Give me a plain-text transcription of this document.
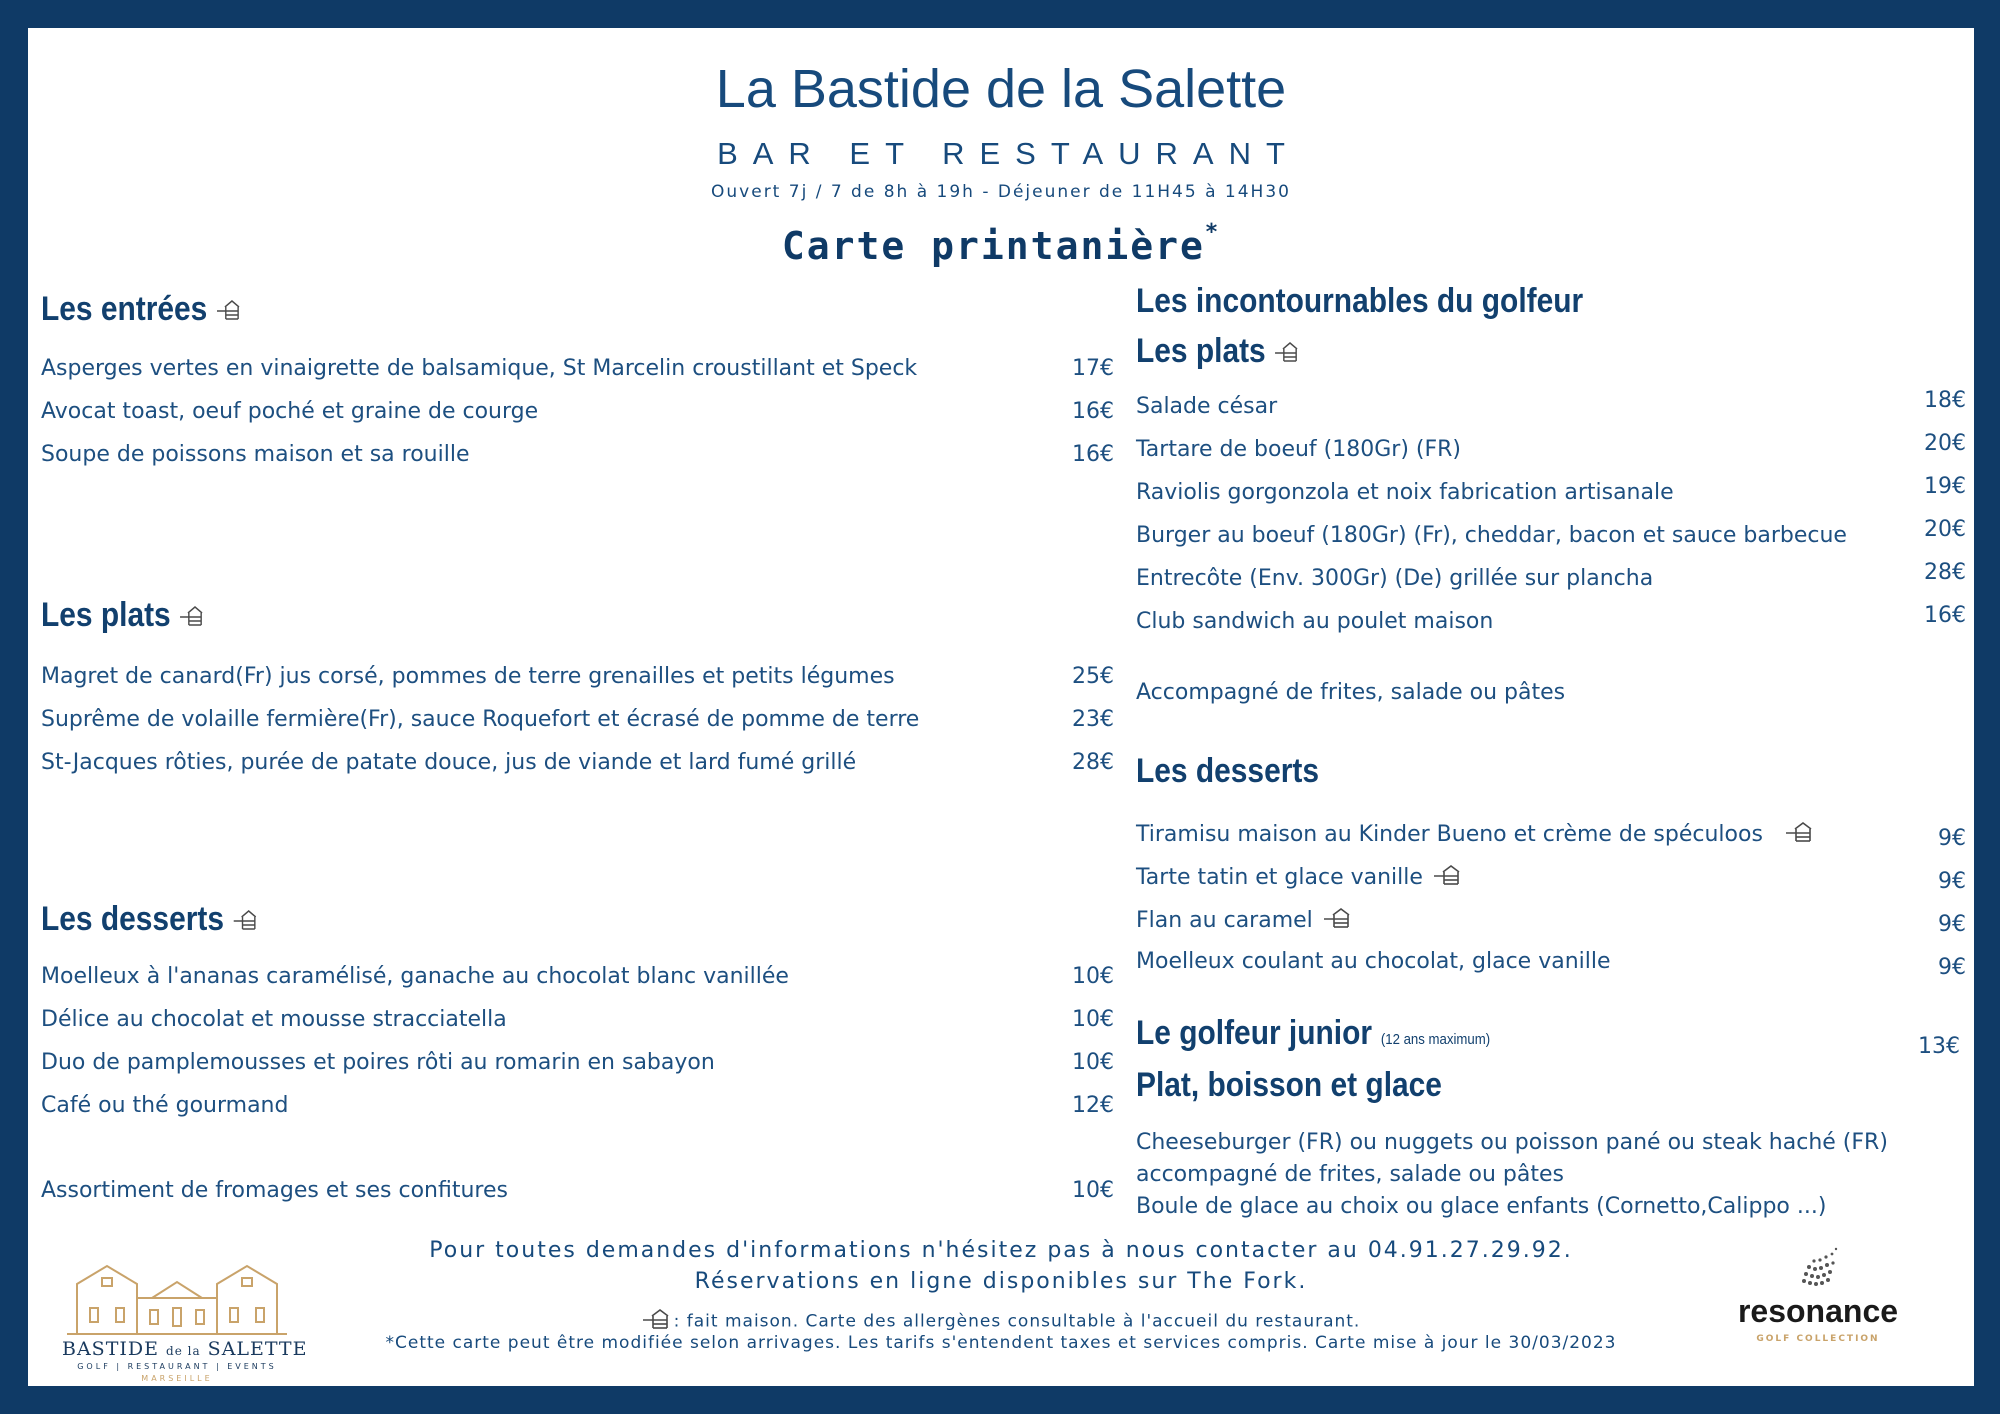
La Bastide de la Salette
BAR ET RESTAURANT
Ouvert 7j / 7 de 8h à 19h - Déjeuner de 11H45 à 14H30
Carte printanière*
Les entrées
Asperges vertes en vinaigrette de balsamique, St Marcelin croustillant et Speck	17€
Avocat toast, oeuf poché et graine de courge	16€
Soupe de poissons maison et sa rouille	16€
Les plats
Magret de canard(Fr) jus corsé, pommes de terre grenailles et petits légumes	25€
Suprême de volaille fermière(Fr), sauce Roquefort et écrasé de pomme de terre	23€
St-Jacques rôties, purée de patate douce, jus de viande et lard fumé grillé	28€
Les desserts
Moelleux à l'ananas caramélisé, ganache au chocolat blanc vanillée	10€
Délice au chocolat et mousse stracciatella	10€
Duo de pamplemousses et poires rôti au romarin en sabayon	10€
Café ou thé gourmand	12€
Assortiment de fromages et ses confitures	10€
Les incontournables du golfeur
Les plats
Salade césar	18€
Tartare de boeuf (180Gr) (FR)	20€
Raviolis gorgonzola et noix fabrication artisanale	19€
Burger au boeuf (180Gr) (Fr), cheddar, bacon et sauce barbecue	20€
Entrecôte (Env. 300Gr) (De) grillée sur plancha	28€
Club sandwich au poulet maison	16€
Accompagné de frites, salade ou pâtes
Les desserts
Tiramisu maison au Kinder Bueno et crème de spéculoos	9€
Tarte tatin et glace vanille	9€
Flan au caramel	9€
Moelleux coulant au chocolat, glace vanille	9€
Le golfeur junior (12 ans maximum)	13€
Plat, boisson et glace
Cheeseburger (FR) ou nuggets ou poisson pané ou steak haché (FR)
accompagné de frites, salade ou pâtes
Boule de glace au choix ou glace enfants (Cornetto,Calippo ...)
Pour toutes demandes d'informations n'hésitez pas à nous contacter au 04.91.27.29.92.
Réservations en ligne disponibles sur The Fork.
: fait maison. Carte des allergènes consultable à l'accueil du restaurant.
*Cette carte peut être modifiée selon arrivages. Les tarifs s'entendent taxes et services compris. Carte mise à jour le 30/03/2023
BASTIDE de la SALETTE
GOLF | RESTAURANT | EVENTS
MARSEILLE
resonance
GOLF COLLECTION
